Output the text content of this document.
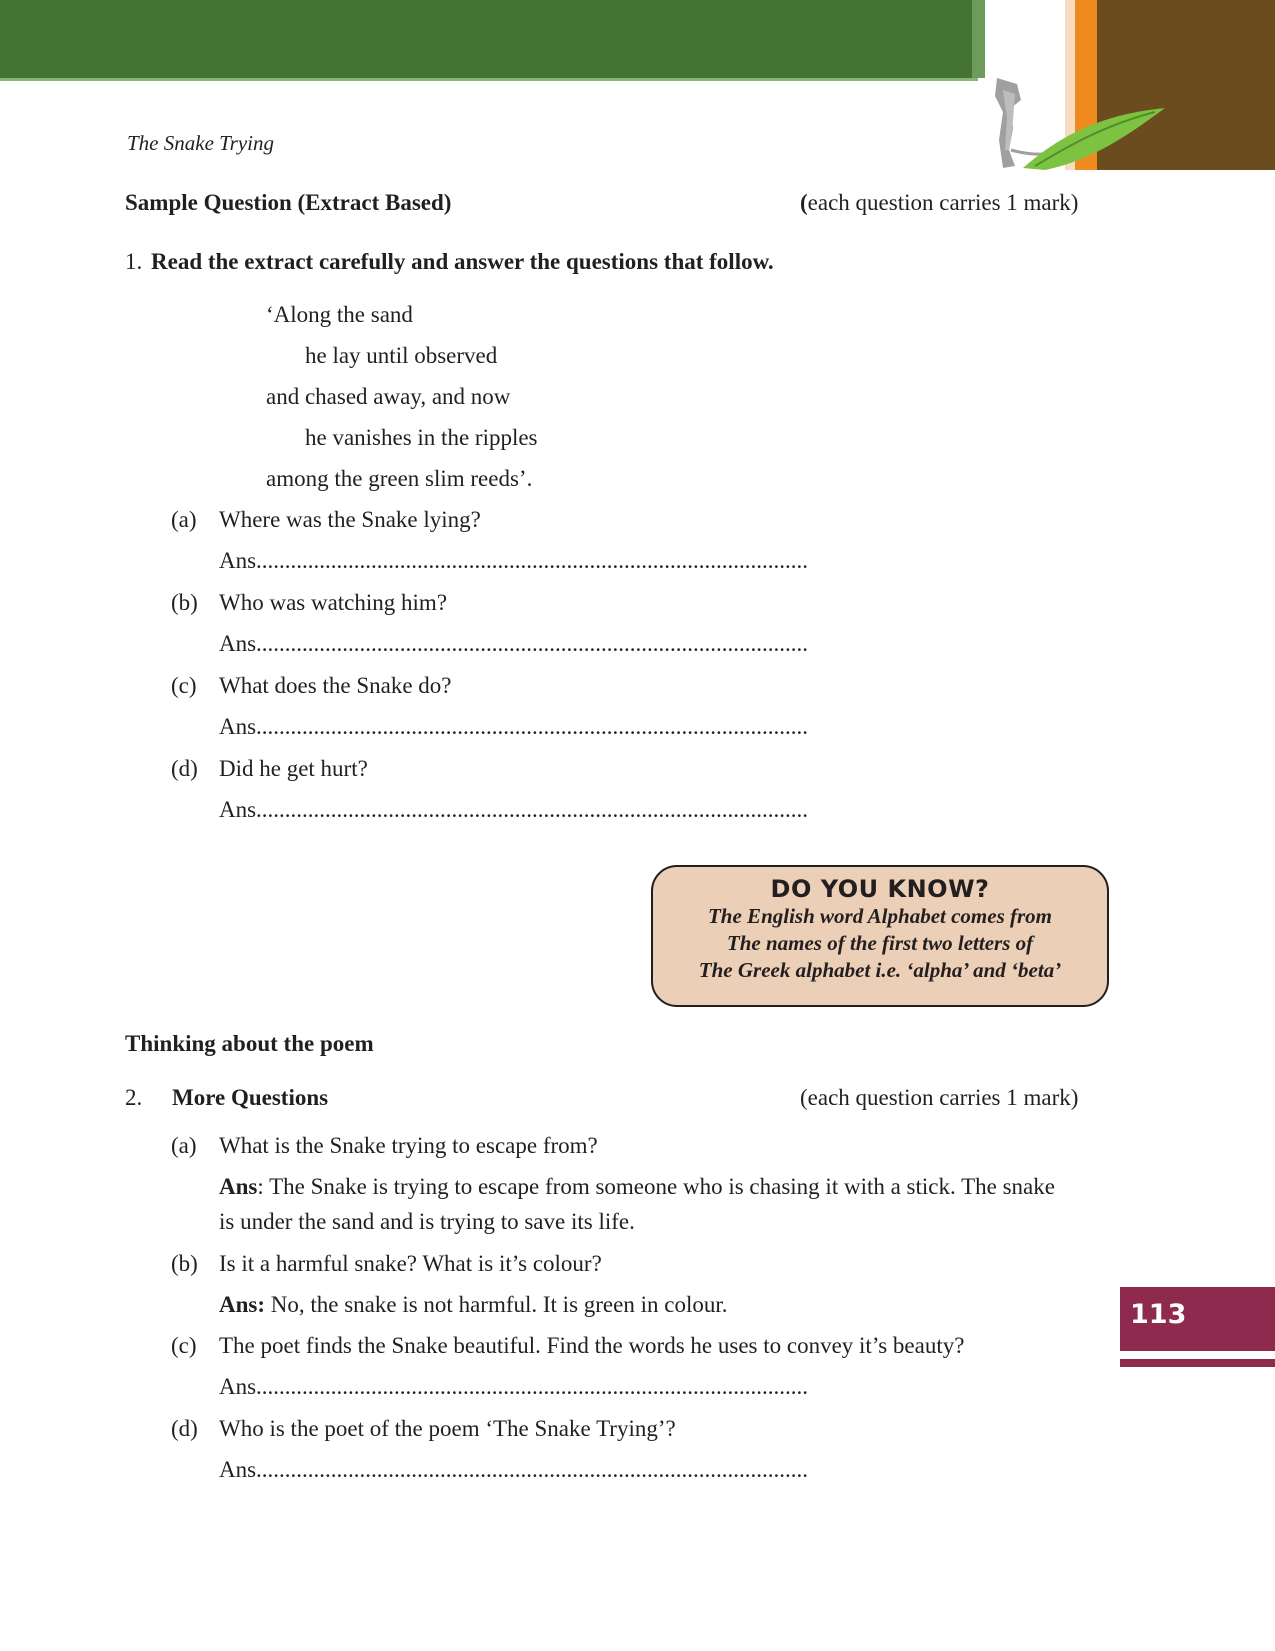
The Snake Trying
Sample Question (Extract Based)	(each question carries 1 mark)
1. Read the extract carefully and answer the questions that follow.
‘Along the sand
he lay until observed
and chased away, and now
he vanishes in the ripples
among the green slim reeds’.
(a) Where was the Snake lying?
Ans................................................................................................
(b) Who was watching him?
Ans................................................................................................
(c) What does the Snake do?
Ans................................................................................................
(d) Did he get hurt?
Ans................................................................................................
DO YOU KNOW?
The English word Alphabet comes from
The names of the first two letters of
The Greek alphabet i.e. ‘alpha’ and ‘beta’
Thinking about the poem
2. More Questions	(each question carries 1 mark)
(a) What is the Snake trying to escape from?
Ans: The Snake is trying to escape from someone who is chasing it with a stick. The snake
is under the sand and is trying to save its life.
(b) Is it a harmful snake? What is it’s colour?
Ans: No, the snake is not harmful. It is green in colour.
(c) The poet finds the Snake beautiful. Find the words he uses to convey it’s beauty?
Ans................................................................................................
(d) Who is the poet of the poem ‘The Snake Trying’?
Ans................................................................................................
113
